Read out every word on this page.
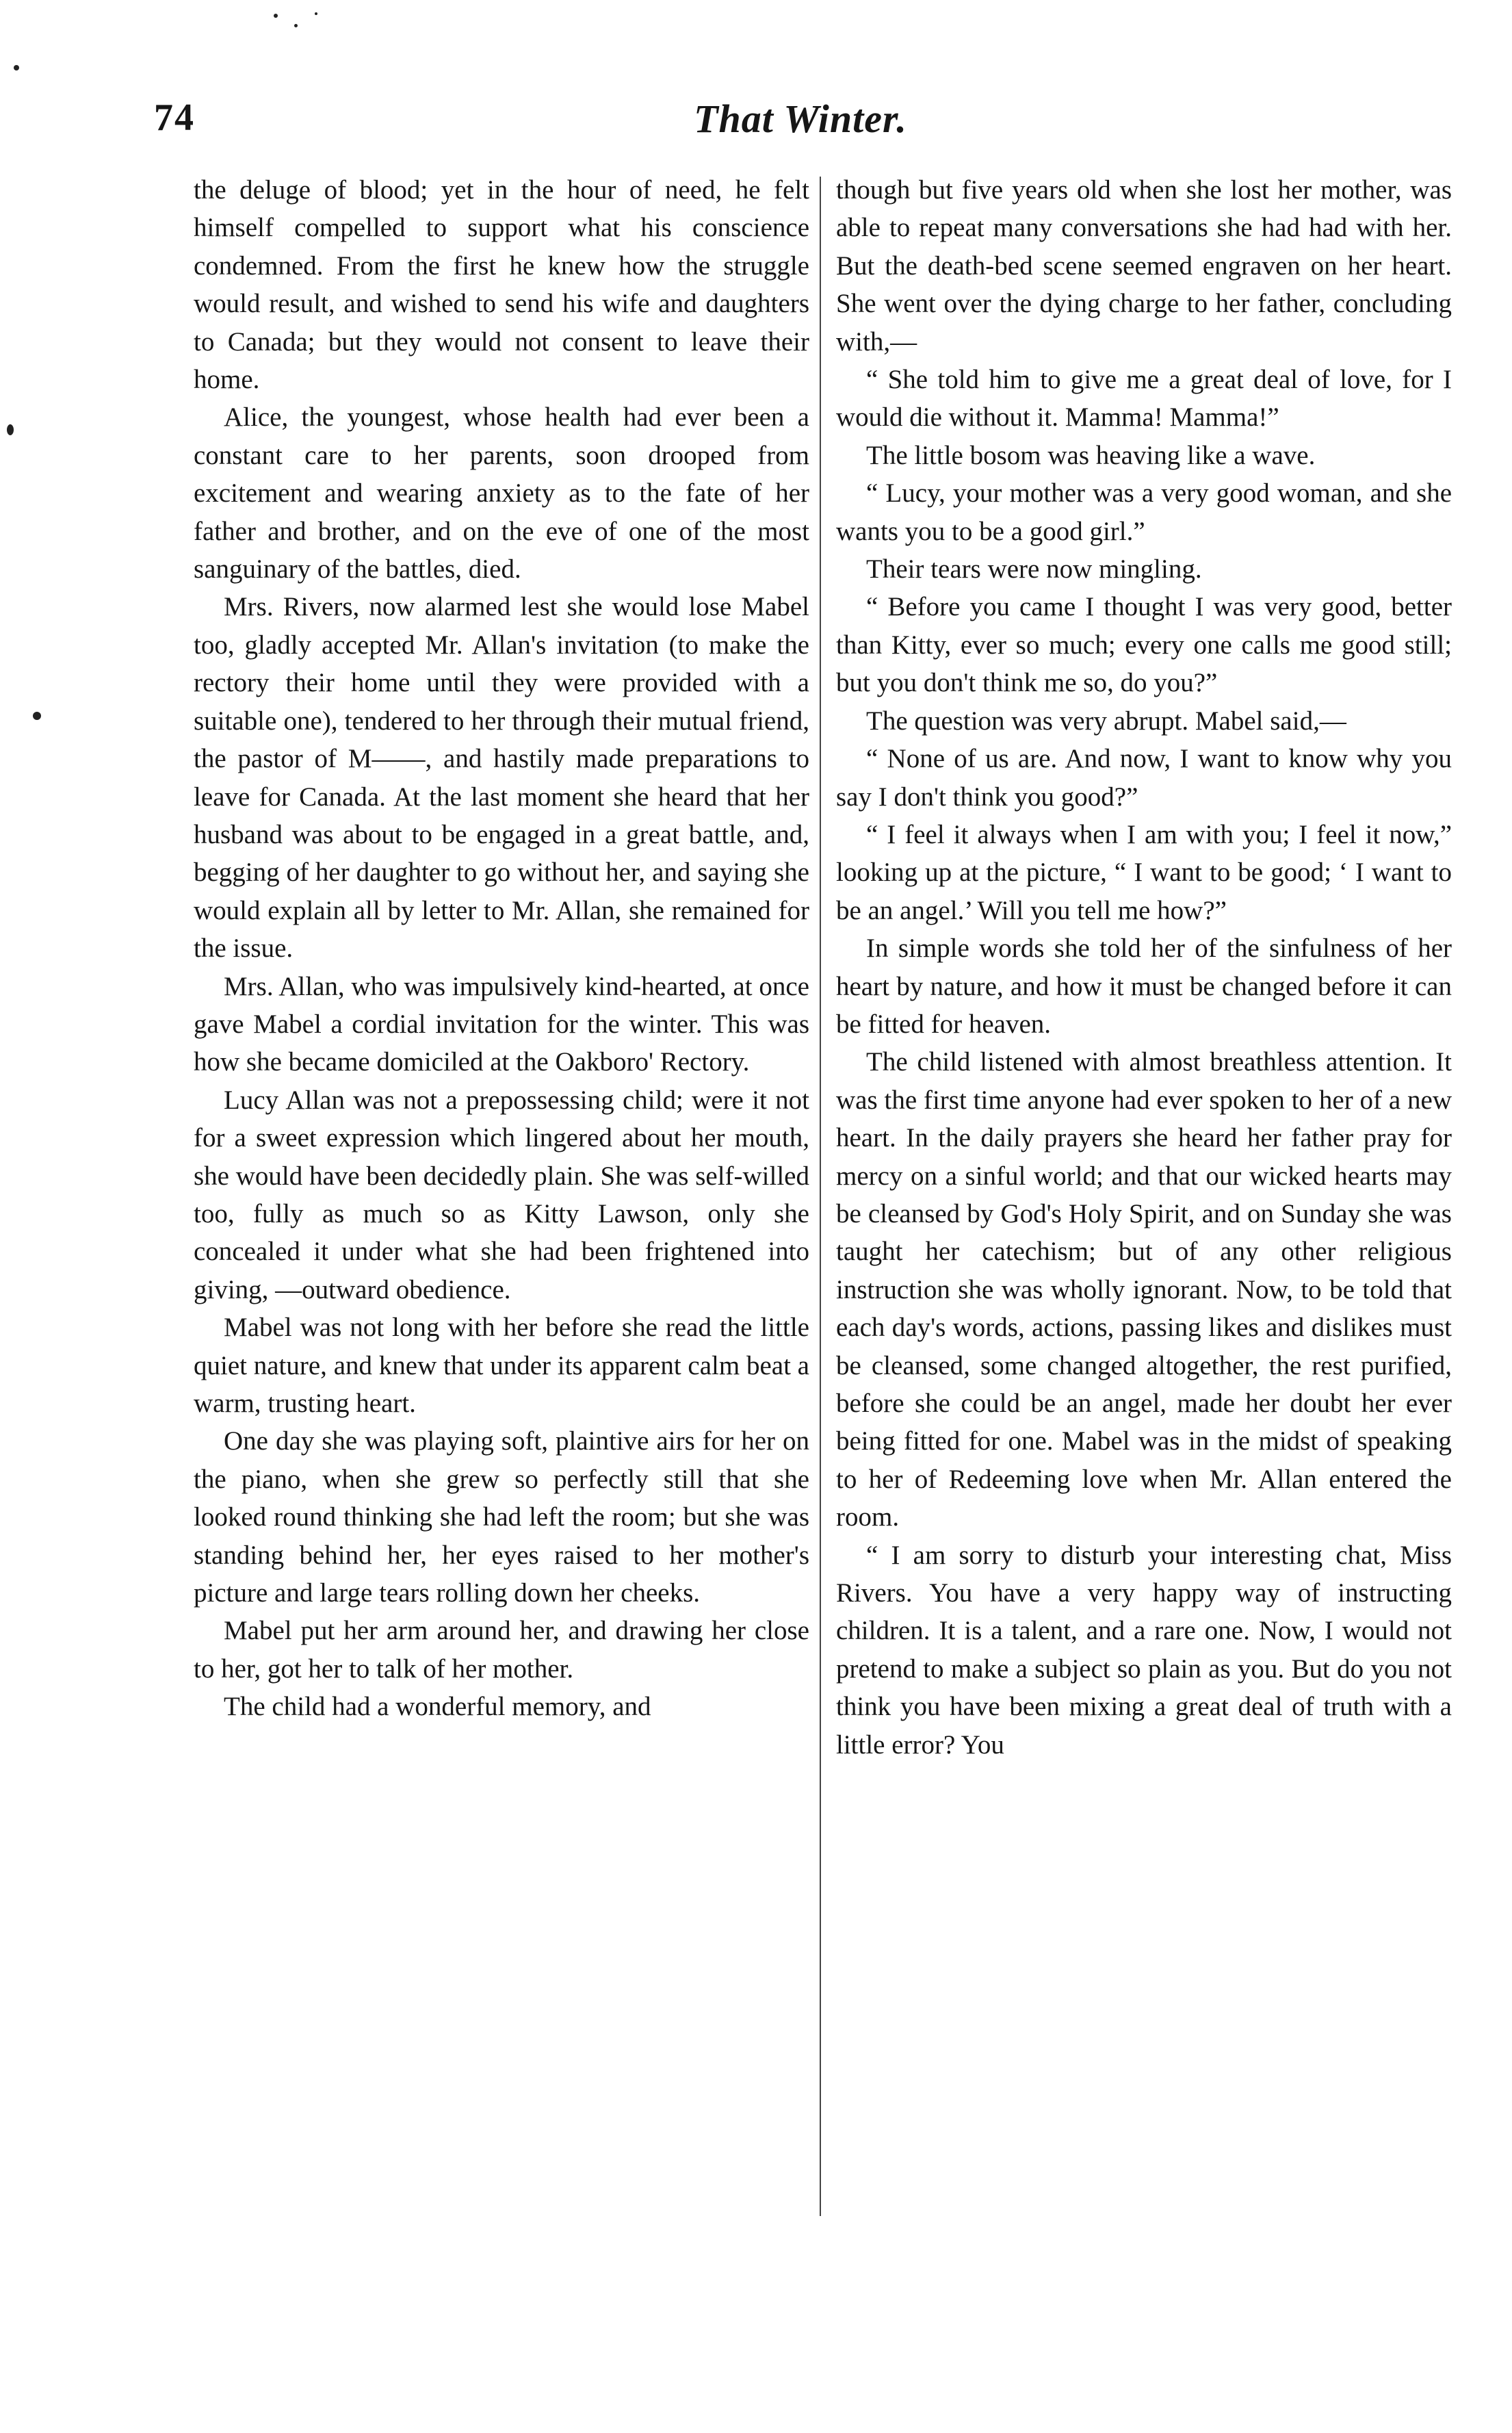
That Winter.
74

the deluge of blood; yet in the hour of need, he felt himself compelled to support what his conscience condemned. From the first he knew how the struggle would result, and wished to send his wife and daughters to Canada; but they would not consent to leave their home.

Alice, the youngest, whose health had ever been a constant care to her parents, soon drooped from excitement and wearing anxiety as to the fate of her father and brother, and on the eve of one of the most sanguinary of the battles, died.

Mrs. Rivers, now alarmed lest she would lose Mabel too, gladly accepted Mr. Allan's invitation (to make the rectory their home until they were provided with a suitable one), tendered to her through their mutual friend, the pastor of M——, and hastily made preparations to leave for Canada. At the last moment she heard that her husband was about to be engaged in a great battle, and, begging of her daughter to go without her, and saying she would explain all by letter to Mr. Allan, she remained for the issue.

Mrs. Allan, who was impulsively kind-hearted, at once gave Mabel a cordial invitation for the winter. This was how she became domiciled at the Oakboro' Rectory.

Lucy Allan was not a prepossessing child; were it not for a sweet expression which lingered about her mouth, she would have been decidedly plain. She was self-willed too, fully as much so as Kitty Lawson, only she concealed it under what she had been frightened into giving, —outward obedience.

Mabel was not long with her before she read the little quiet nature, and knew that under its apparent calm beat a warm, trusting heart.

One day she was playing soft, plaintive airs for her on the piano, when she grew so perfectly still that she looked round thinking she had left the room; but she was standing behind her, her eyes raised to her mother's picture and large tears rolling down her cheeks.

Mabel put her arm around her, and drawing her close to her, got her to talk of her mother.

The child had a wonderful memory, and

though but five years old when she lost her mother, was able to repeat many conversations she had had with her. But the death-bed scene seemed engraven on her heart. She went over the dying charge to her father, concluding with,—

“ She told him to give me a great deal of love, for I would die without it. Mamma! Mamma!”

The little bosom was heaving like a wave.

“ Lucy, your mother was a very good woman, and she wants you to be a good girl.”

Their tears were now mingling.

“ Before you came I thought I was very good, better than Kitty, ever so much; every one calls me good still; but you don't think me so, do you?”

The question was very abrupt. Mabel said,—

“ None of us are. And now, I want to know why you say I don't think you good?”

“ I feel it always when I am with you; I feel it now,” looking up at the picture, “ I want to be good; ‘ I want to be an angel.’ Will you tell me how?”

In simple words she told her of the sinfulness of her heart by nature, and how it must be changed before it can be fitted for heaven.

The child listened with almost breathless attention. It was the first time anyone had ever spoken to her of a new heart. In the daily prayers she heard her father pray for mercy on a sinful world; and that our wicked hearts may be cleansed by God's Holy Spirit, and on Sunday she was taught her catechism; but of any other religious instruction she was wholly ignorant. Now, to be told that each day's words, actions, passing likes and dislikes must be cleansed, some changed altogether, the rest purified, before she could be an angel, made her doubt her ever being fitted for one. Mabel was in the midst of speaking to her of Redeeming love when Mr. Allan entered the room.

“ I am sorry to disturb your interesting chat, Miss Rivers. You have a very happy way of instructing children. It is a talent, and a rare one. Now, I would not pretend to make a subject so plain as you. But do you not think you have been mixing a great deal of truth with a little error? You
